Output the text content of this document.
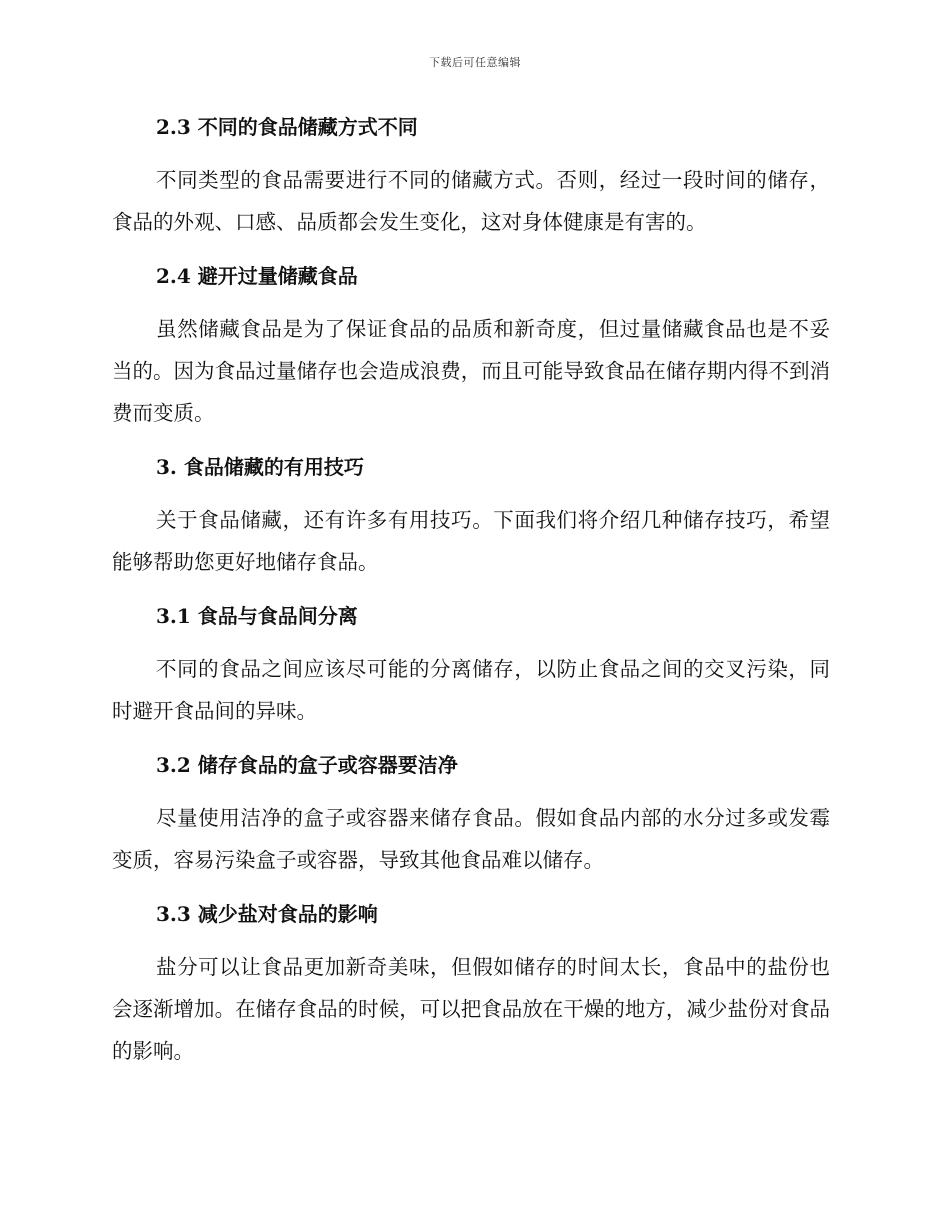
下载后可任意编辑
2.3 不同的食品储藏方式不同

不同类型的食品需要进行不同的储藏方式。否则，经过一段时间的储存，食品的外观、口感、品质都会发生变化，这对身体健康是有害的。

2.4 避开过量储藏食品

虽然储藏食品是为了保证食品的品质和新奇度，但过量储藏食品也是不妥当的。因为食品过量储存也会造成浪费，而且可能导致食品在储存期内得不到消费而变质。

3. 食品储藏的有用技巧

关于食品储藏，还有许多有用技巧。下面我们将介绍几种储存技巧，希望能够帮助您更好地储存食品。

3.1 食品与食品间分离

不同的食品之间应该尽可能的分离储存，以防止食品之间的交叉污染，同时避开食品间的异味。

3.2 储存食品的盒子或容器要洁净

尽量使用洁净的盒子或容器来储存食品。假如食品内部的水分过多或发霉变质，容易污染盒子或容器，导致其他食品难以储存。

3.3 减少盐对食品的影响

盐分可以让食品更加新奇美味，但假如储存的时间太长，食品中的盐份也会逐渐增加。在储存食品的时候，可以把食品放在干燥的地方，减少盐份对食品的影响。
